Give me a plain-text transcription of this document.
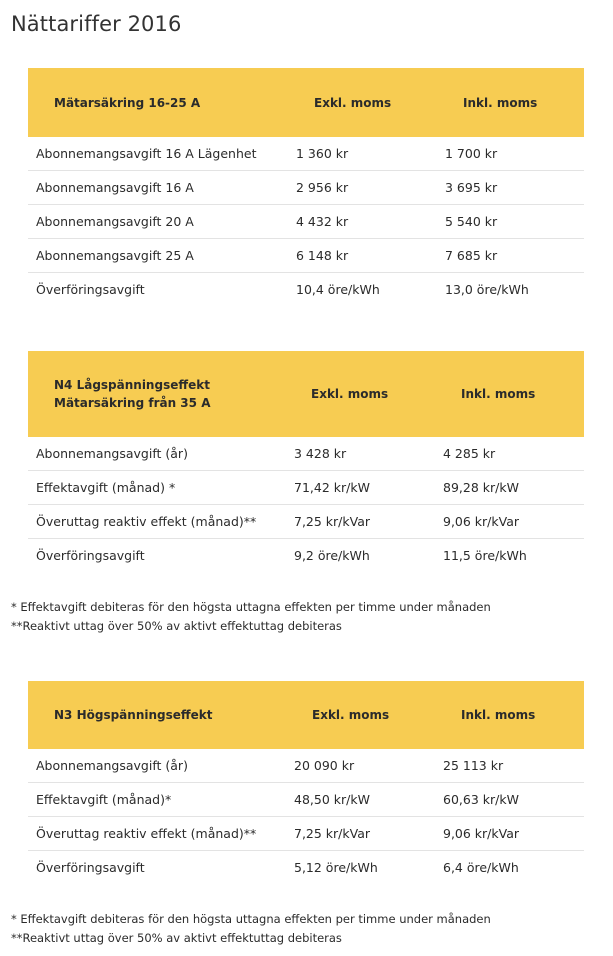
Nättariffer 2016
Mätarsäkring 16-25 A	Exkl. moms	Inkl. moms
Abonnemangsavgift 16 A Lägenhet	1 360 kr	1 700 kr
Abonnemangsavgift 16 A	2 956 kr	3 695 kr
Abonnemangsavgift 20 A	4 432 kr	5 540 kr
Abonnemangsavgift 25 A	6 148 kr	7 685 kr
Överföringsavgift	10,4 öre/kWh	13,0 öre/kWh
N4 Lågspänningseffekt
Mätarsäkring från 35 A	Exkl. moms	Inkl. moms
Abonnemangsavgift (år)	3 428 kr	4 285 kr
Effektavgift (månad) *	71,42 kr/kW	89,28 kr/kW
Överuttag reaktiv effekt (månad)**	7,25 kr/kVar	9,06 kr/kVar
Överföringsavgift	9,2 öre/kWh	11,5 öre/kWh
* Effektavgift debiteras för den högsta uttagna effekten per timme under månaden
**Reaktivt uttag över 50% av aktivt effektuttag debiteras
N3 Högspänningseffekt	Exkl. moms	Inkl. moms
Abonnemangsavgift (år)	20 090 kr	25 113 kr
Effektavgift (månad)*	48,50 kr/kW	60,63 kr/kW
Överuttag reaktiv effekt (månad)**	7,25 kr/kVar	9,06 kr/kVar
Överföringsavgift	5,12 öre/kWh	6,4 öre/kWh
* Effektavgift debiteras för den högsta uttagna effekten per timme under månaden
**Reaktivt uttag över 50% av aktivt effektuttag debiteras
